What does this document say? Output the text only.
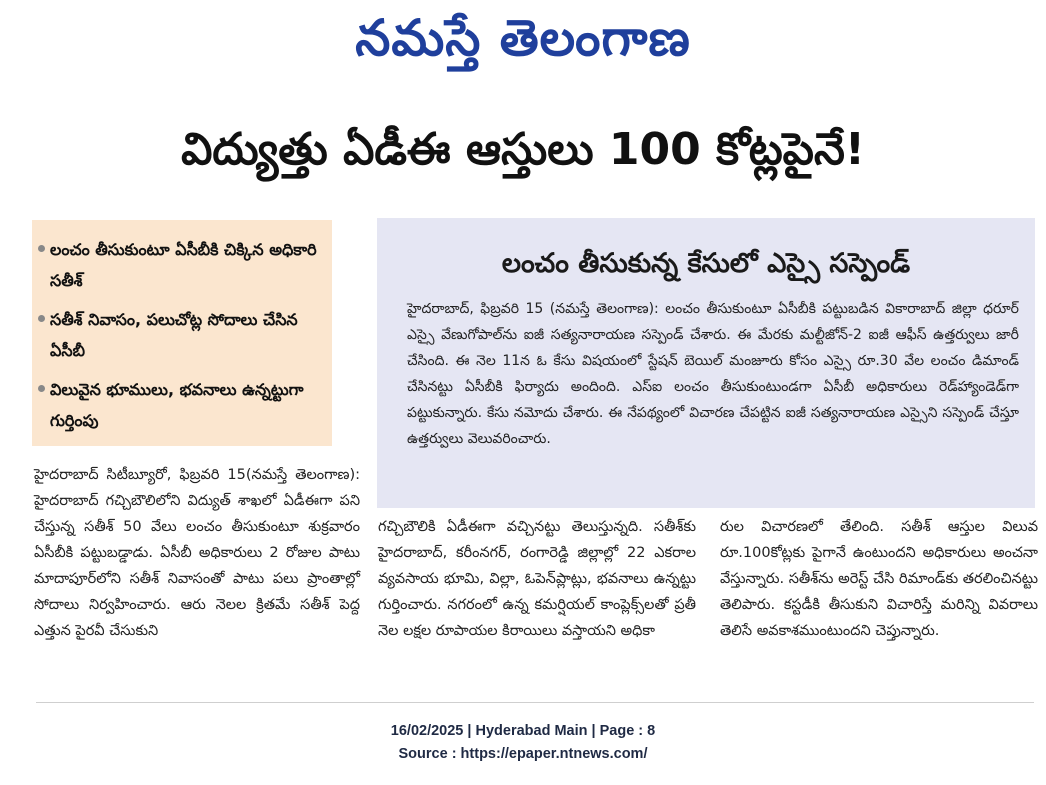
నమస్తే తెలంగాణ
విద్యుత్తు ఏడీఈ ఆస్తులు 100 కోట్లపైనే!
లంచం తీసుకుంటూ ఏసీబీకి చిక్కిన అధికారి సతీశ్
సతీశ్ నివాసం, పలుచోట్ల సోదాలు చేసిన ఏసీబీ
విలువైన భూములు, భవనాలు ఉన్నట్టుగా గుర్తింపు
లంచం తీసుకున్న కేసులో ఎస్సై సస్పెండ్
హైదరాబాద్, ఫిబ్రవరి 15 (నమస్తే తెలంగాణ): లంచం తీసుకుంటూ ఏసీబీకి పట్టుబడిన వికారాబాద్ జిల్లా ధరూర్ ఎస్సై వేణుగోపాల్‌ను ఐజీ సత్యనారాయణ సస్పెండ్ చేశారు. ఈ మేరకు మల్టీజోన్-2 ఐజీ ఆఫీస్ ఉత్తర్వులు జారీ చేసింది. ఈ నెల 11న ఓ కేసు విషయంలో స్టేషన్ బెయిల్ మంజూరు కోసం ఎస్సై రూ.30 వేల లంచం డిమాండ్ చేసినట్టు ఏసీబీకి ఫిర్యాదు అందింది. ఎస్‌ఐ లంచం తీసుకుంటుండగా ఏసీబీ అధికారులు రెడ్‌హ్యాండెడ్‌గా పట్టుకున్నారు. కేసు నమోదు చేశారు. ఈ నేపథ్యంలో విచారణ చేపట్టిన ఐజీ సత్యనారాయణ ఎస్సైని సస్పెండ్ చేస్తూ ఉత్తర్వులు వెలువరించారు.
హైదరాబాద్ సిటీబ్యూరో, ఫిబ్రవరి 15(నమస్తే తెలంగాణ): హైదరాబాద్ గచ్చిబౌలిలోని విద్యుత్ శాఖలో ఏడీఈగా పని చేస్తున్న సతీశ్ 50 వేలు లంచం తీసుకుంటూ శుక్రవారం ఏసీబీకి పట్టుబడ్డాడు. ఏసీబీ అధికారులు 2 రోజుల పాటు మాదాపూర్‌లోని సతీశ్ నివాసంతో పాటు పలు ప్రాంతాల్లో సోదాలు నిర్వహించారు. ఆరు నెలల క్రితమే సతీశ్ పెద్ద ఎత్తున పైరవీ చేసుకుని
గచ్చిబౌలికి ఏడీఈగా వచ్చినట్టు తెలుస్తున్నది. సతీశ్‌కు హైదరాబాద్, కరీంనగర్, రంగారెడ్డి జిల్లాల్లో 22 ఎకరాల వ్యవసాయ భూమి, విల్లా, ఓపెన్‌ప్లాట్లు, భవనాలు ఉన్నట్టు గుర్తించారు. నగరంలో ఉన్న కమర్షియల్ కాంప్లెక్స్‌లతో ప్రతీ నెల లక్షల రూపాయల కిరాయిలు వస్తాయని అధికా
రుల విచారణలో తేలింది. సతీశ్ ఆస్తుల విలువ రూ.100కోట్లకు పైగానే ఉంటుందని అధికారులు అంచనా వేస్తున్నారు. సతీశ్‌ను అరెస్ట్ చేసి రిమాండ్‌కు తరలించినట్టు తెలిపారు. కస్టడీకి తీసుకుని విచారిస్తే మరిన్ని వివరాలు తెలిసే అవకాశముంటుందని చెప్తున్నారు.
16/02/2025 | Hyderabad Main | Page : 8
Source : https://epaper.ntnews.com/
